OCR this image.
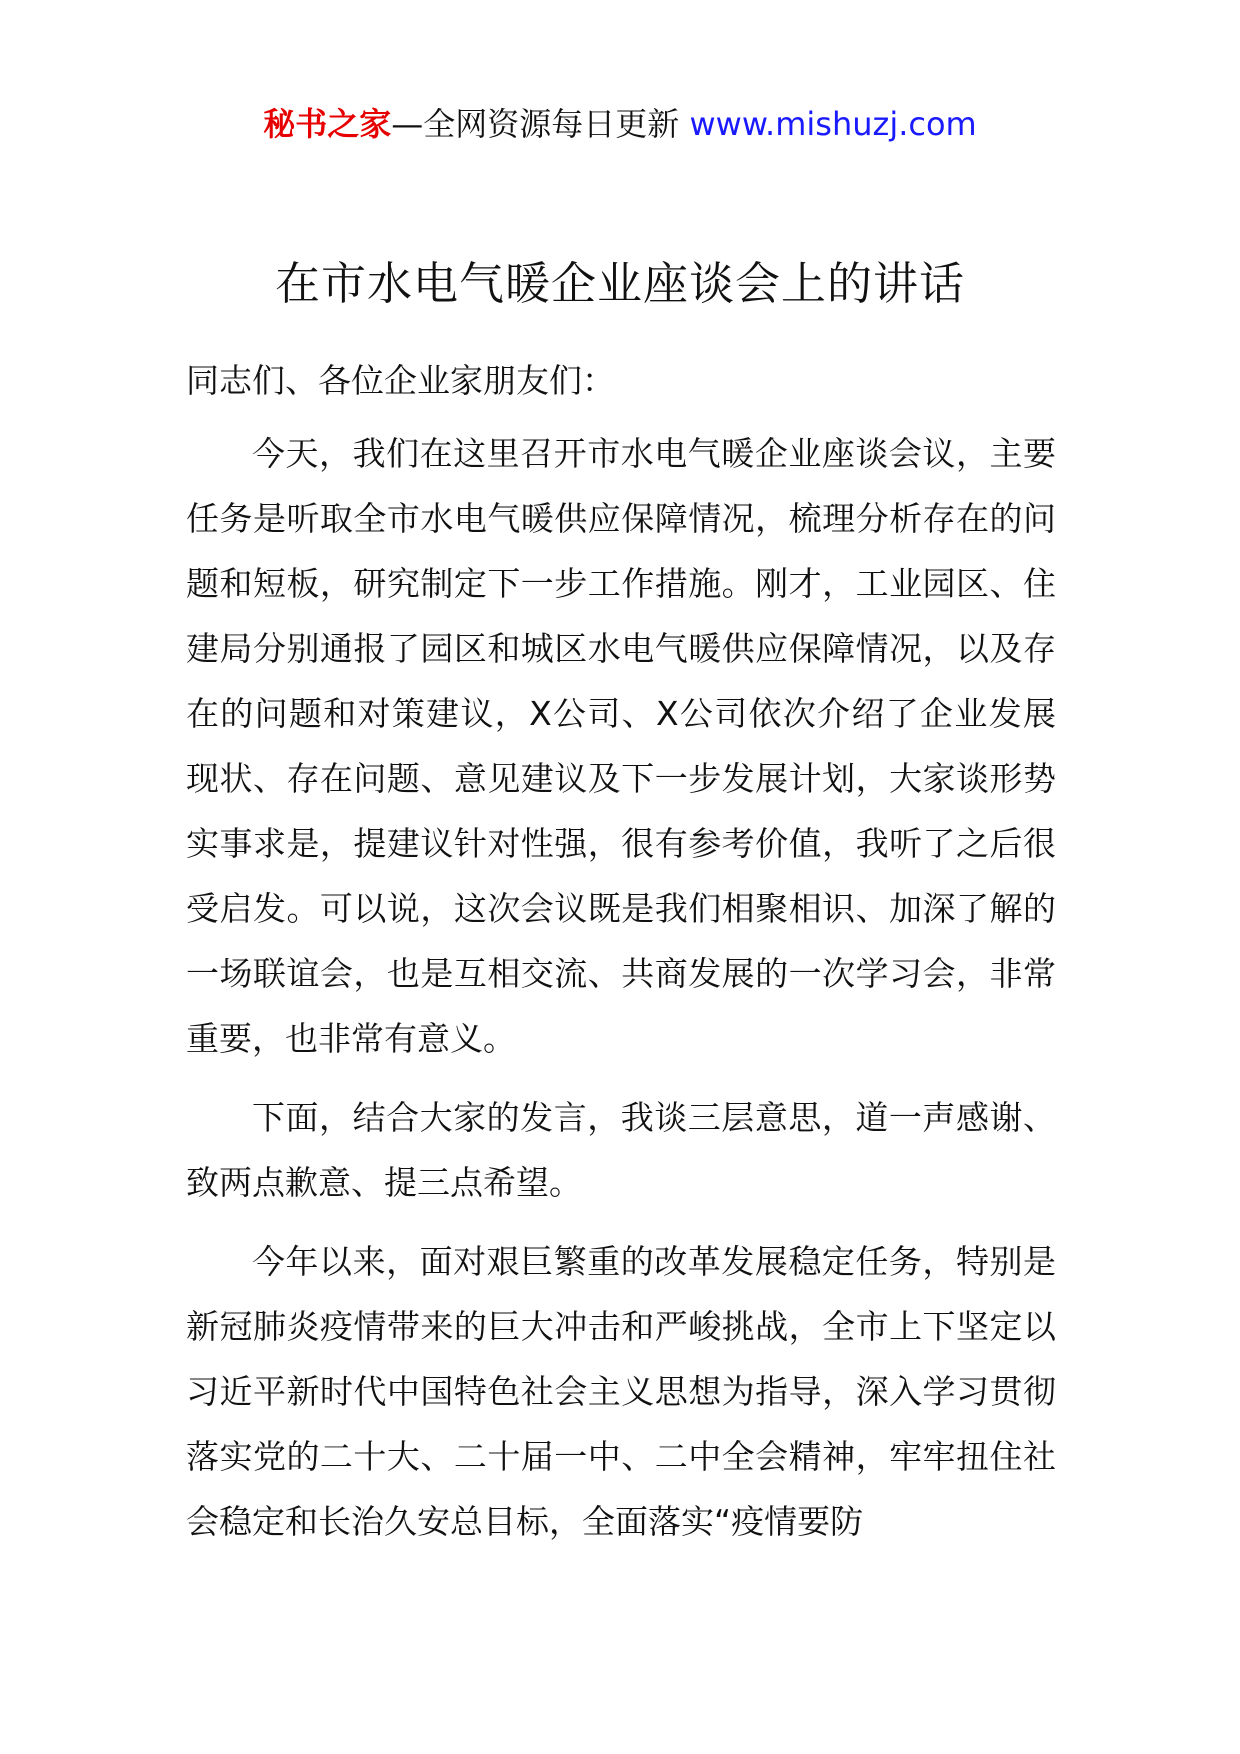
秘书之家—全网资源每日更新 www.mishuzj.com
在市水电气暖企业座谈会上的讲话

同志们、各位企业家朋友们：

今天，我们在这里召开市水电气暖企业座谈会议，主要任务是听取全市水电气暖供应保障情况，梳理分析存在的问题和短板，研究制定下一步工作措施。刚才，工业园区、住建局分别通报了园区和城区水电气暖供应保障情况，以及存在的问题和对策建议，X公司、X公司依次介绍了企业发展现状、存在问题、意见建议及下一步发展计划，大家谈形势实事求是，提建议针对性强，很有参考价值，我听了之后很受启发。可以说，这次会议既是我们相聚相识、加深了解的一场联谊会，也是互相交流、共商发展的一次学习会，非常重要，也非常有意义。

下面，结合大家的发言，我谈三层意思，道一声感谢、致两点歉意、提三点希望。

今年以来，面对艰巨繁重的改革发展稳定任务，特别是新冠肺炎疫情带来的巨大冲击和严峻挑战，全市上下坚定以习近平新时代中国特色社会主义思想为指导，深入学习贯彻落实党的二十大、二十届一中、二中全会精神，牢牢扭住社会稳定和长治久安总目标，全面落实“疫情要防
